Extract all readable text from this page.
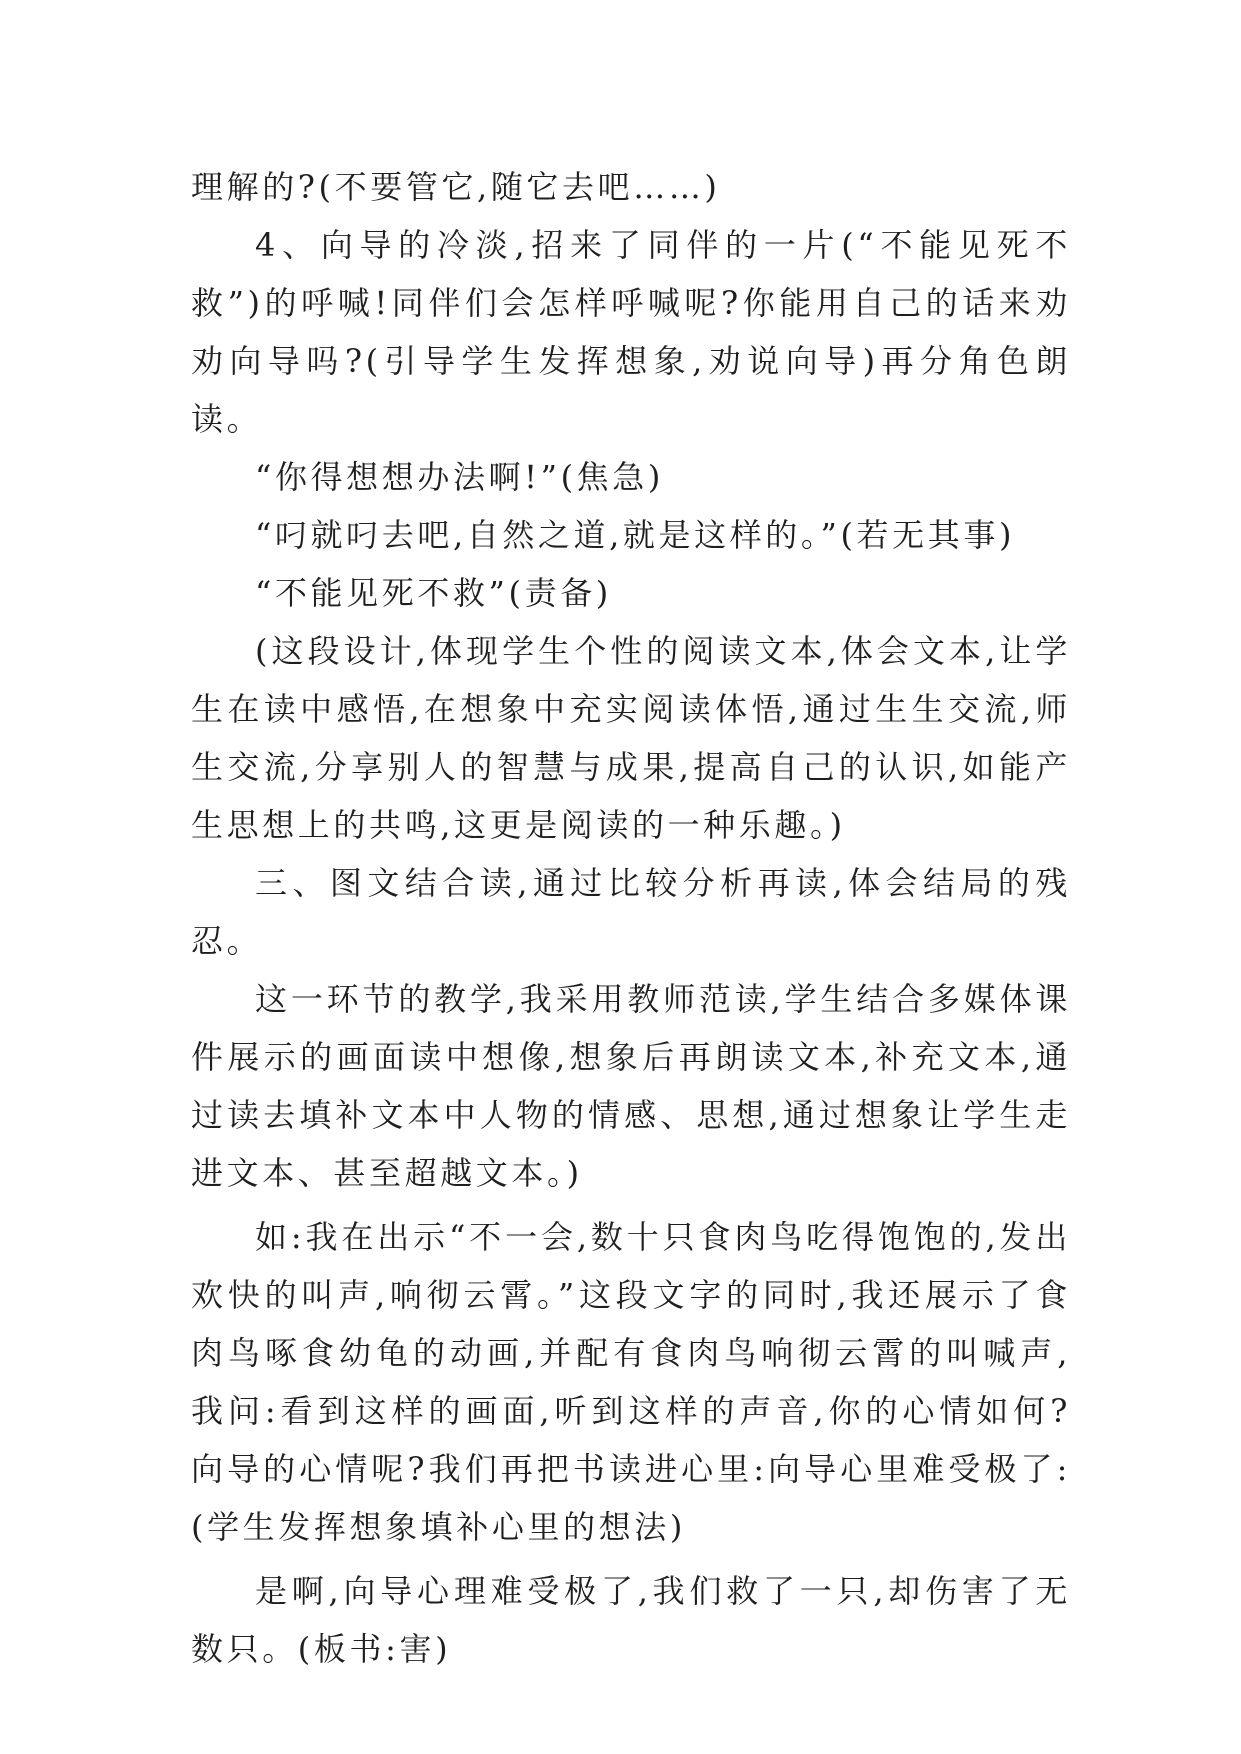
理解的?(不要管它,随它去吧……)

4、向导的冷淡,招来了同伴的一片(“不能见死不救”)的呼喊!同伴们会怎样呼喊呢?你能用自己的话来劝劝向导吗?(引导学生发挥想象,劝说向导)再分角色朗读。

“你得想想办法啊!”(焦急)

“叼就叼去吧,自然之道,就是这样的。”(若无其事)

“不能见死不救”(责备)

(这段设计,体现学生个性的阅读文本,体会文本,让学生在读中感悟,在想象中充实阅读体悟,通过生生交流,师生交流,分享别人的智慧与成果,提高自己的认识,如能产生思想上的共鸣,这更是阅读的一种乐趣。)

三、图文结合读,通过比较分析再读,体会结局的残忍。

这一环节的教学,我采用教师范读,学生结合多媒体课件展示的画面读中想像,想象后再朗读文本,补充文本,通过读去填补文本中人物的情感、思想,通过想象让学生走进文本、甚至超越文本。)

如:我在出示“不一会,数十只食肉鸟吃得饱饱的,发出欢快的叫声,响彻云霄。”这段文字的同时,我还展示了食肉鸟啄食幼龟的动画,并配有食肉鸟响彻云霄的叫喊声,我问:看到这样的画面,听到这样的声音,你的心情如何?向导的心情呢?我们再把书读进心里:向导心里难受极了:(学生发挥想象填补心里的想法)

是啊,向导心理难受极了,我们救了一只,却伤害了无数只。(板书:害)
